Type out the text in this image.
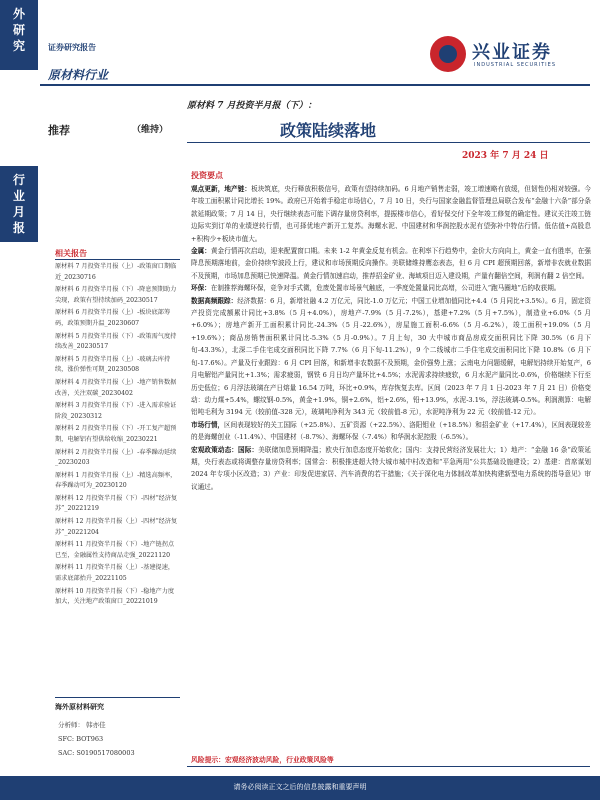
外
研
究
行
业
月
报
证券研究报告
原材料行业
兴业证券
INDUSTRIAL SECURITIES
推荐	（维持）
原材料 7 月投资半月报（下）：
政策陆续落地
2023 年 7 月 24 日
相关报告
原材料 7 月投资半月报（上）-政策窗口期临近_20230716
原材料 6 月投资半月报（下）-降息预期助力尖现，政策有望持续加码_20230517
原材料 6 月投资半月报（上）-板块底部筹码，政策预期升温_20230607
原材料 5 月投资半月报（下）-政策需气度持续改善_20230517
原材料 5 月投资半月报（上）-玻璃去库持续，涨价弹性可期_20230508
原材料 4 月投资半月报（上）-地产销售数据改善，关注双碳_20230402
原材料 3 月投资半月报（下）-进入需求验证阶段_20230312
原材料 2 月投资半月报（下）-开工复产超预期，电解铝有望供给收缩_20230221
原材料 2 月投资半月报（上）-春季躁动延续_20230203
原材料 1 月投资半月报（上）-精选高频率，春季躁动可为_20230120
原材料 12 月投资半月报（下）-四材“经济复苏”_20221219
原材料 12 月投资半月报（上）-四材“经济复苏”_20221204
原材料 11 月投资半月报（下）-地产链拐点已至，金融属性支持商品走强_20221120
原材料 11 月投资半月报（上）-基建提速，需求底部抬升_20221105
原材料 10 月投资半月报（下）-稳地产力度加大，关注地产政策窗口_20221019
海外原材料研究
分析师： 韩亦佳
SFC: BOT963
SAC: S0190517080003
投资要点

观点更新，地产链：板块筑底，央行释放积极信号，政策有望持续加码。6 月地产销售走弱，竣工增速略有放缓，但韧性仍相对较强。今年竣工面积累计同比增长 19%。政府已开始着手稳定市场信心，7 月 10 日，央行与国家金融监督管理总局联合发布“金融十六条”部分条款延期政策；7 月 14 日，央行继续表态可能下调存量房贷利率，提振楼市信心，看好保交付下全年竣工修复的确定性。建议关注竣工链边际实到订单的业绩逆转行情，也可择优地产新开工复苏。海螺水泥、中国建材和华润控股水泥有望弥补中特估行情。低估值+高股息+积构少+板块市值大。

金属：黄金行情再次启动，迎来配置窗口期。未来 1-2 年黄金反复有机会。在利率下行趋势中，金价大方向向上，黄金一直有胜率，在强降息预期落地前，金价持续窄波段上行，建议和市场预期反向操作。美联储维持鹰态表态，但 6 月 CPI 超预期回落，新增非农就业数据不及预期，市场加息预期已快速降温。黄金行情加速启动，推荐招金矿业、海域项目迈入建设期，产量有翻倍空间，利润有翻 2 倍空间。

环保：在制推荐海螺环保，竞争对手式微，危废处置市场景气触底，一季度处置量同比高增，公司进入“跑马圈地”后的收获期。

数据高频跟踪：经济数据：6 月，新增社融 4.2 万亿元，同比-1.0 万亿元；中国工业增加值同比+4.4（5 月同比+3.5%）。6 月，固定资产投资完成额累计同比+3.8%（5 月+4.0%），房地产-7.9%（5 月-7.2%），基建+7.2%（5 月+7.5%），制造业+6.0%（5 月+6.0%）；房地产新开工面积累计同比-24.3%（5 月-22.6%），房屋施工面积-6.6%（5 月-6.2%），竣工面积+19.0%（5 月+19.6%）；商品房销售面积累计同比-5.3%（5 月-0.9%）。7 月上旬，30 大中城市商品房成交面积同比下降 30.5%（6 月下旬-43.3%），北深二手住宅成交面积同比下降 7.7%（6 月下旬-11.2%），9 个二线城市二手住宅成交面积同比下降 10.8%（6 月下旬-17.6%）。产量及行业跟踪：6 月 CPI 回落，和新增非农数据不及预期，金价强势上涨；云南电力问题缓解，电解铝持续开始复产，6 月电解铝产量同比+1.3%；需求疲弱，钢铁 6 月日均产量环比+4.5%；水泥需求持续疲软，6 月水泥产量同比-0.6%，价格继续下行至历史低位；6 月浮法玻璃在产日熔量 16.54 万吨，环比+0.9%，库存恢复去库。区间（2023 年 7 月 1 日-2023 年 7 月 21 日）价格变动：动力煤+5.4%，螺纹钢-0.5%，黄金+1.9%，铜+2.6%，铝+2.6%，铅+13.9%，水泥-3.1%，浮法玻璃-0.5%。利润测算：电解铝吨毛利为 3194 元（较前值-328 元），玻璃吨净利为 343 元（较前值-8 元），水泥吨净利为 22 元（较前值-12 元）。

市场行情，区间表现较好的关工国际（+25.8%）、五矿资源（+22.5%）、洛阳钼业（+18.5%）和招金矿业（+17.4%），区间表现较差的是海螺创业（-11.4%）、中国建材（-8.7%）、海螺环保（-7.4%）和华润水泥控股（-6.5%）。

宏观政策动态：国际：美联储加息预期降温；欧央行加息态度开始软化；国内：支持民营经济发展壮大；1）地产：“金融 16 条”政策延期，央行表态或将调整存量房贷利率；国常会：积极推进超大特大城市城中村改造和“平急两用”公共基础设施建设；2）基建：首席谋划 2024 年专项小区改造；3）产业：印发促进家居、汽车消费的若干措施；《关于深化电力体制改革加快构建新型电力系统的指导意见》审议通过。

风险提示：宏观经济波动风险，行业政策风险等
请务必阅读正文之后的信息披露和重要声明
